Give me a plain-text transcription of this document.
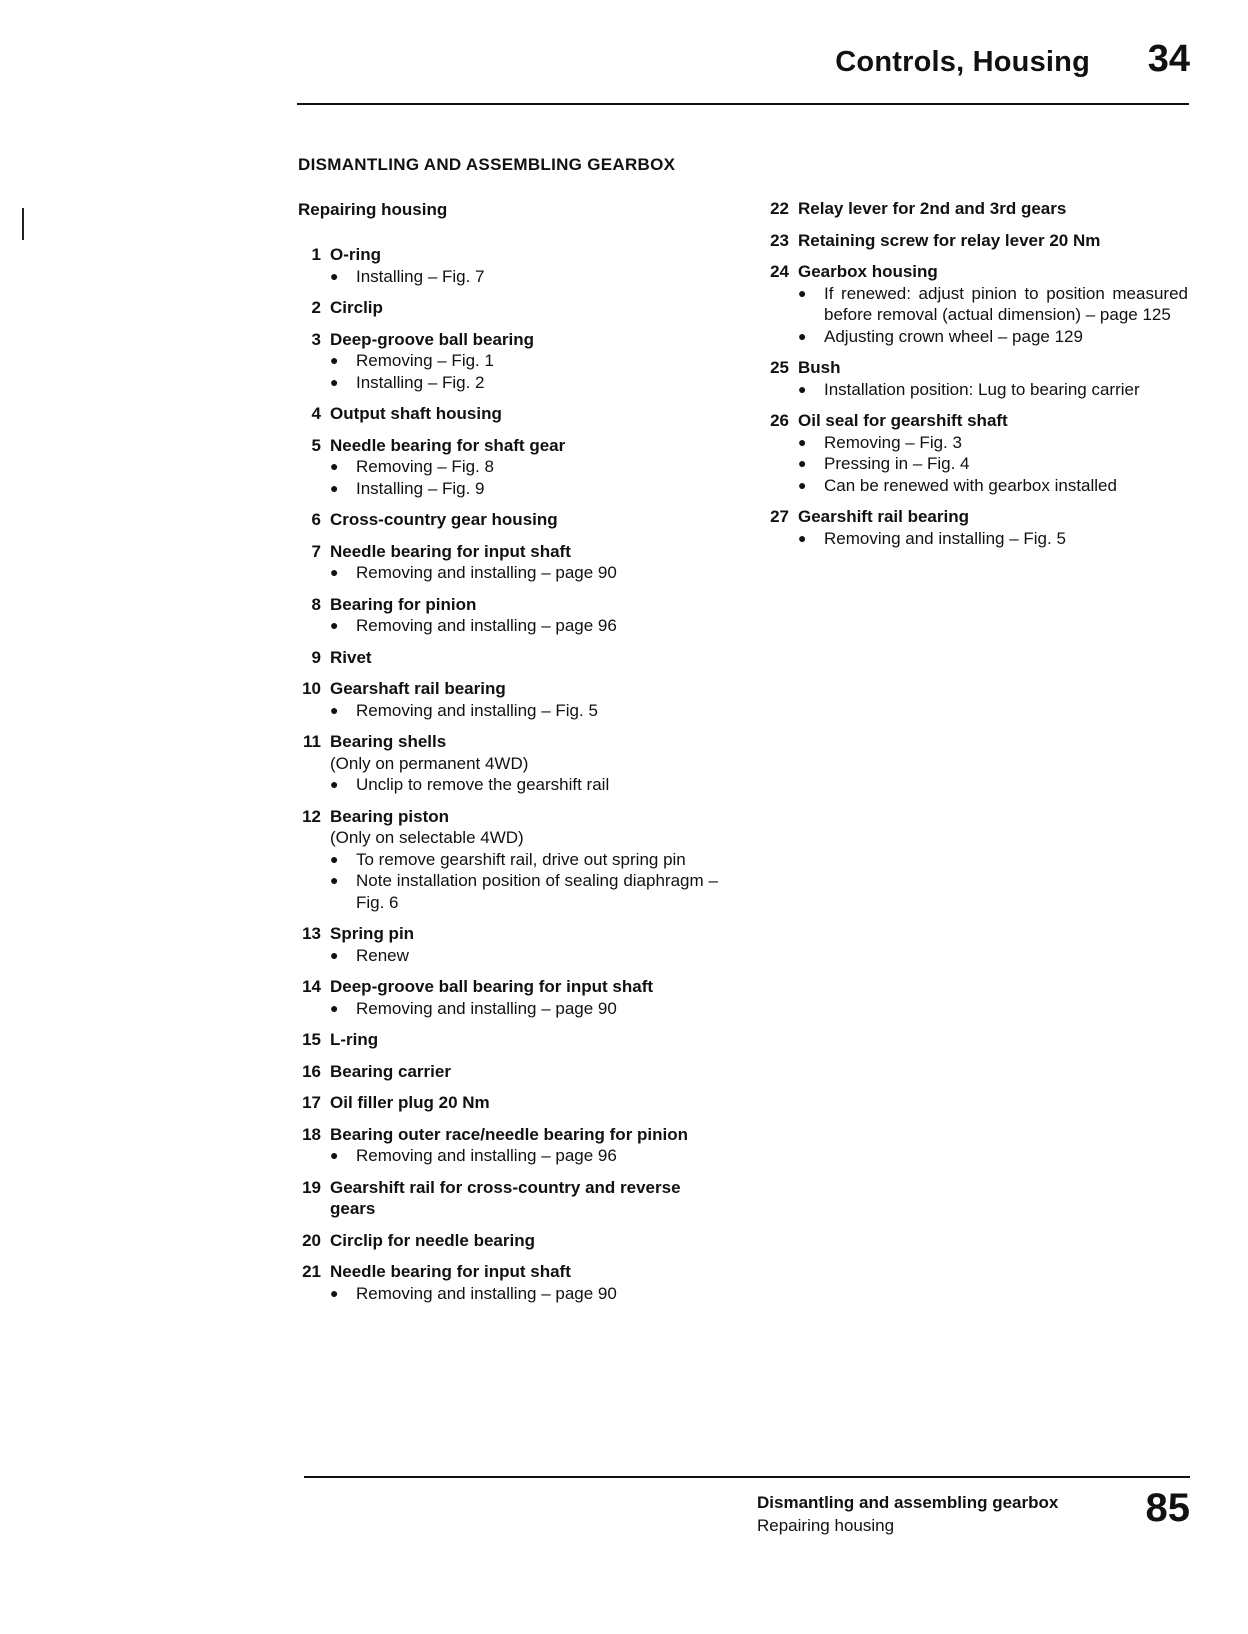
Controls, Housing	34
DISMANTLING AND ASSEMBLING GEARBOX
Repairing housing
1 O-ring
●	Installing – Fig. 7
2 Circlip
3 Deep-groove ball bearing
●	Removing – Fig. 1
●	Installing – Fig. 2
4 Output shaft housing
5 Needle bearing for shaft gear
●	Removing – Fig. 8
●	Installing – Fig. 9
6 Cross-country gear housing
7 Needle bearing for input shaft
●	Removing and installing – page 90
8 Bearing for pinion
●	Removing and installing – page 96
9 Rivet
10 Gearshaft rail bearing
●	Removing and installing – Fig. 5
11 Bearing shells
(Only on permanent 4WD)
●	Unclip to remove the gearshift rail
12 Bearing piston
(Only on selectable 4WD)
●	To remove gearshift rail, drive out spring pin
●	Note installation position of sealing diaphragm – Fig. 6
13 Spring pin
●	Renew
14 Deep-groove ball bearing for input shaft
●	Removing and installing – page 90
15 L-ring
16 Bearing carrier
17 Oil filler plug 20 Nm
18 Bearing outer race/needle bearing for pinion
●	Removing and installing – page 96
19 Gearshift rail for cross-country and reverse gears
20 Circlip for needle bearing
21 Needle bearing for input shaft
●	Removing and installing – page 90
22 Relay lever for 2nd and 3rd gears
23 Retaining screw for relay lever 20 Nm
24 Gearbox housing
●	If renewed: adjust pinion to position measured before removal (actual dimension) – page 125
●	Adjusting crown wheel – page 129
25 Bush
●	Installation position: Lug to bearing carrier
26 Oil seal for gearshift shaft
●	Removing – Fig. 3
●	Pressing in – Fig. 4
●	Can be renewed with gearbox installed
27 Gearshift rail bearing
●	Removing and installing – Fig. 5
Dismantling and assembling gearbox
Repairing housing	85
